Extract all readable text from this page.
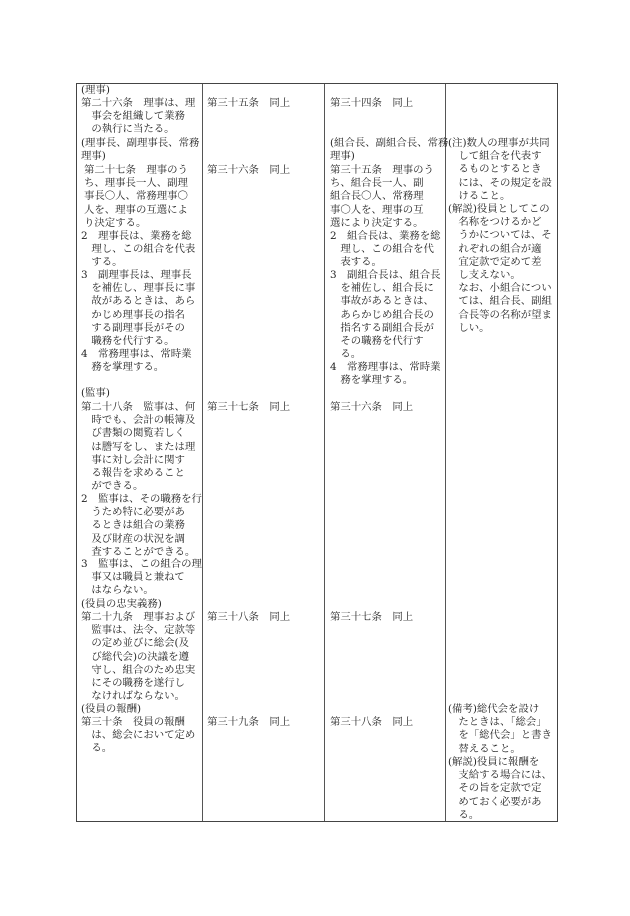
(理事)
第二十六条　理事は、理
　事会を組織して業務
　の執行に当たる。
(理事長、副理事長、常務
理事)
第二十七条　理事のう
ち、理事長一人、副理
事長〇人、常務理事〇
人を、理事の互選によ
り決定する。
2　理事長は、業務を総
　理し、この組合を代表
　する。
3　副理事長は、理事長
　を補佐し、理事長に事
　故があるときは、あら
　かじめ理事長の指名
　する副理事長がその
　職務を代行する。
4　常務理事は、常時業
　務を掌理する。
(監事)
第二十八条　監事は、何
　時でも、会計の帳簿及
　び書類の閲覧若しく
　は謄写をし、または理
　事に対し会計に関す
　る報告を求めること
　ができる。
2　監事は、その職務を行
　うため特に必要があ
　るときは組合の業務
　及び財産の状況を調
　査することができる。
3　監事は、この組合の理
　事又は職員と兼ねて
　はならない。
(役員の忠実義務)
第二十九条　理事および
　監事は、法令、定款等
　の定め並びに総会(及
　び総代会)の決議を遵
　守し、組合のため忠実
　にその職務を遂行し
　なければならない。
(役員の報酬)
第三十条　役員の報酬
　は、総会において定め
　る。
第三十五条　同上
第三十六条　同上
第三十七条　同上
第三十八条　同上
第三十九条　同上
第三十四条　同上
(組合長、副組合長、常務
理事)
第三十五条　理事のう
ち、組合長一人、副
組合長〇人、常務理
事〇人を、理事の互
選により決定する。
2　組合長は、業務を総
　理し、この組合を代
　表する。
3　副組合長は、組合長
　を補佐し、組合長に
　事故があるときは、
　あらかじめ組合長の
　指名する副組合長が
　その職務を代行す
　る。
4　常務理事は、常時業
　務を掌理する。
第三十六条　同上
第三十七条　同上
第三十八条　同上
(注)数人の理事が共同
　して組合を代表す
　るものとするとき
　には、その規定を設
　けること。
(解説)役員としてこの
　名称をつけるかど
　うかについては、そ
　れぞれの組合が適
　宜定款で定めて差
　し支えない。
　なお、小組合につい
　ては、組合長、副組
　合長等の名称が望ま
　しい。
(備考)総代会を設け
　たときは、「総会」
　を「総代会」と書き
　替えること。
(解説)役員に報酬を
　支給する場合には、
　その旨を定款で定
　めておく必要があ
　る。
